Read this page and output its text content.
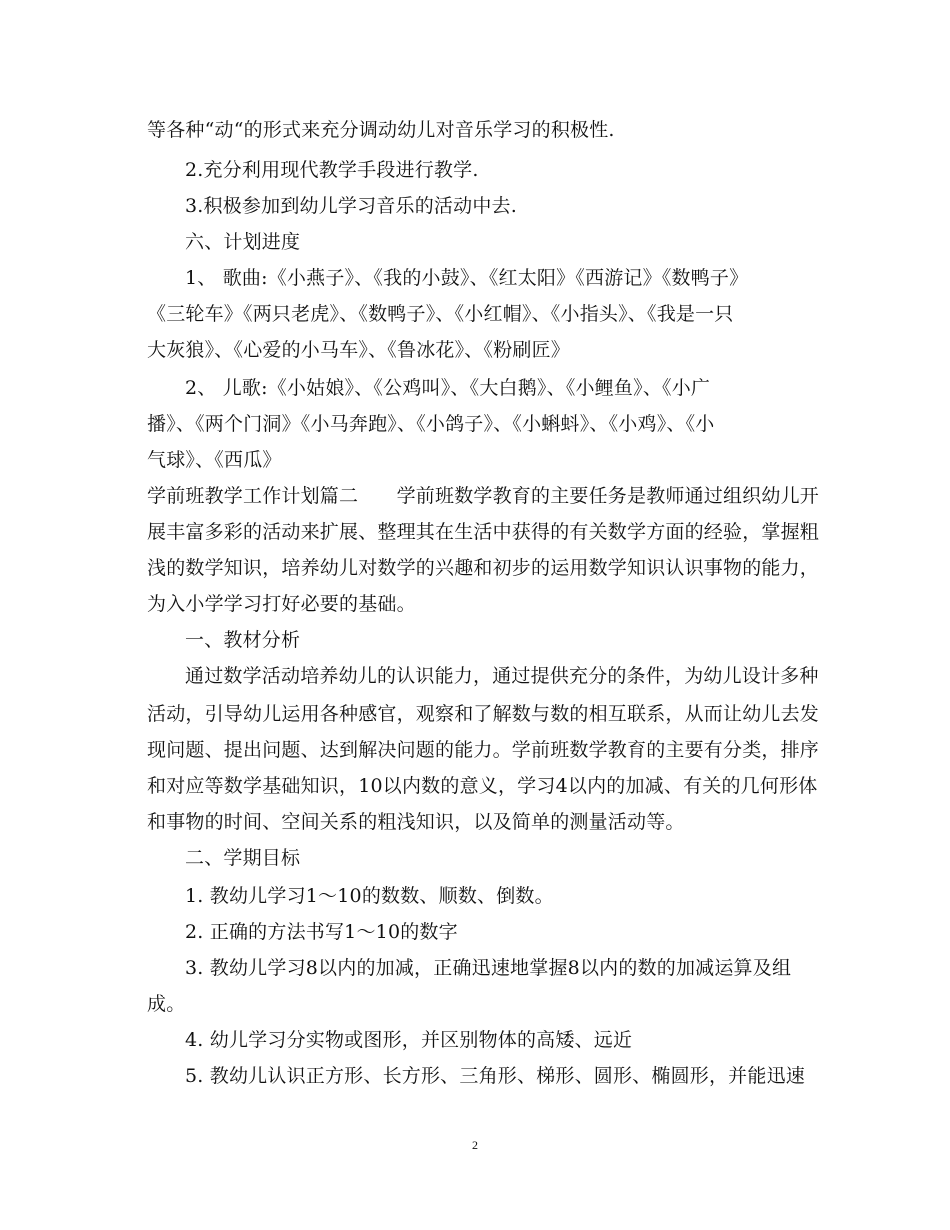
等各种“动“的形式来充分调动幼儿对音乐学习的积极性.
2.充分利用现代教学手段进行教学.
3.积极参加到幼儿学习音乐的活动中去.
六、计划进度
1、 歌曲:《小燕子》、《我的小鼓》、《红太阳》《西游记》《数鸭子》
《三轮车》《两只老虎》、《数鸭子》、《小红帽》、《小指头》、《我是一只
大灰狼》、《心爱的小马车》、《鲁冰花》、《粉刷匠》
2、 儿歌:《小姑娘》、《公鸡叫》、《大白鹅》、《小鲤鱼》、《小广
播》、《两个门洞》《小马奔跑》、《小鸽子》、《小蝌蚪》、《小鸡》、《小
气球》、《西瓜》
学前班教学工作计划篇二　　学前班数学教育的主要任务是教师通过组织幼儿开
展丰富多彩的活动来扩展、整理其在生活中获得的有关数学方面的经验，掌握粗
浅的数学知识，培养幼儿对数学的兴趣和初步的运用数学知识认识事物的能力，
为入小学学习打好必要的基础。
一、教材分析
通过数学活动培养幼儿的认识能力，通过提供充分的条件，为幼儿设计多种
活动，引导幼儿运用各种感官，观察和了解数与数的相互联系，从而让幼儿去发
现问题、提出问题、达到解决问题的能力。学前班数学教育的主要有分类，排序
和对应等数学基础知识，10以内数的意义，学习4以内的加减、有关的几何形体
和事物的时间、空间关系的粗浅知识，以及简单的测量活动等。
二、学期目标
1. 教幼儿学习1～10的数数、顺数、倒数。
2. 正确的方法书写1～10的数字
3. 教幼儿学习8以内的加减，正确迅速地掌握8以内的数的加减运算及组
成。
4. 幼儿学习分实物或图形，并区别物体的高矮、远近
5. 教幼儿认识正方形、长方形、三角形、梯形、圆形、椭圆形，并能迅速
2
